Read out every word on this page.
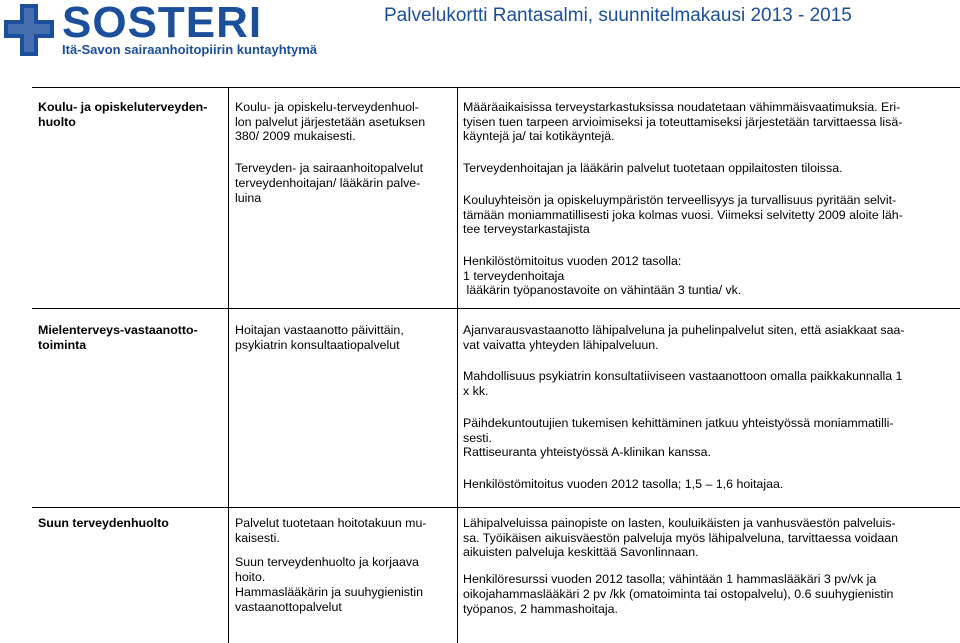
SOSTERI
Itä-Savon sairaanhoitopiirin kuntayhtymä
Palvelukortti Rantasalmi, suunnitelmakausi 2013 - 2015

Koulu- ja opiskeluterveyden-
huolto

Koulu- ja opiskelu-terveydenhuol-
lon palvelut järjestetään asetuksen
380/ 2009 mukaisesti.

Terveyden- ja sairaanhoitopalvelut
terveydenhoitajan/ lääkärin palve-
luina

Määräaikaisissa terveystarkastuksissa noudatetaan vähimmäisvaatimuksia. Eri-
tyisen tuen tarpeen arvioimiseksi ja toteuttamiseksi järjestetään tarvittaessa lisä-
käyntejä ja/ tai kotikäyntejä.

Terveydenhoitajan ja lääkärin palvelut tuotetaan oppilaitosten tiloissa.

Kouluyhteisön ja opiskeluympäristön terveellisyys ja turvallisuus pyritään selvit-
tämään moniammatillisesti joka kolmas vuosi. Viimeksi selvitetty 2009 aloite läh-
tee terveystarkastajista

Henkilöstömitoitus vuoden 2012 tasolla:
1 terveydenhoitaja
lääkärin työpanostavoite on vähintään 3 tuntia/ vk.

Mielenterveys-vastaanotto-
toiminta

Hoitajan vastaanotto päivittäin,
psykiatrin konsultaatiopalvelut

Ajanvarausvastaanotto lähipalveluna ja puhelinpalvelut siten, että asiakkaat saa-
vat vaivatta yhteyden lähipalveluun.

Mahdollisuus psykiatrin konsultatiiviseen vastaanottoon omalla paikkakunnalla 1
x kk.

Päihdekuntoutujien tukemisen kehittäminen jatkuu yhteistyössä moniammatilli-
sesti.
Rattiseuranta yhteistyössä A-klinikan kanssa.

Henkilöstömitoitus vuoden 2012 tasolla; 1,5 – 1,6 hoitajaa.

Suun terveydenhuolto	Palvelut tuotetaan hoitotakuun mu-
kaisesti.

Suun terveydenhuolto ja korjaava
hoito.
Hammaslääkärin ja suuhygienistin
vastaanottopalvelut

Lähipalveluissa painopiste on lasten, kouluikäisten ja vanhusväestön palveluis-
sa. Työikäisen aikuisväestön palveluja myös lähipalveluna, tarvittaessa voidaan
aikuisten palveluja keskittää Savonlinnaan.

Henkilöresurssi vuoden 2012 tasolla; vähintään 1 hammaslääkäri 3 pv/vk ja
oikojahammaslääkäri 2 pv /kk (omatoiminta tai ostopalvelu), 0.6 suuhygienistin
työpanos, 2 hammashoitaja.
